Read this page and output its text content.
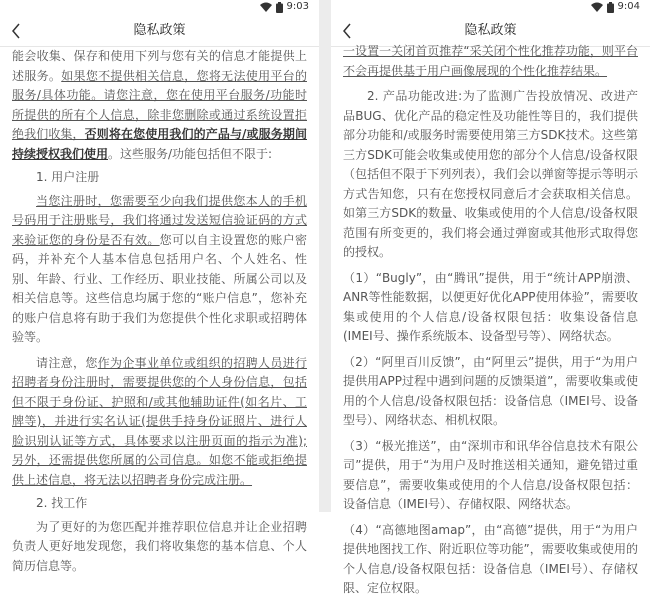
9:03
隐私政策

能会收集、保存和使用下列与您有关的信息才能提供上述服务。如果您不提供相关信息，您将无法使用平台的服务/具体功能。请您注意，您在使用平台服务/功能时所提供的所有个人信息，除非您删除或通过系统设置拒绝我们收集，否则将在您使用我们的产品与/或服务期间持续授权我们使用。这些服务/功能包括但不限于:

1. 用户注册

当您注册时，您需要至少向我们提供您本人的手机号码用于注册账号，我们将通过发送短信验证码的方式来验证您的身份是否有效。您可以自主设置您的账户密码，并补充个人基本信息包括用户名、个人姓名、性别、年龄、行业、工作经历、职业技能、所属公司以及相关信息等。这些信息均属于您的“账户信息”，您补充的账户信息将有助于我们为您提供个性化求职或招聘体验等。

请注意，您作为企事业单位或组织的招聘人员进行招聘者身份注册时，需要提供您的个人身份信息，包括但不限于身份证、护照和/或其他辅助证件(如名片、工牌等)，并进行实名认证(提供手持身份证照片、进行人脸识别认证等方式，具体要求以注册页面的指示为准);另外，还需提供您所属的公司信息。如您不能或拒绝提供上述信息，将无法以招聘者身份完成注册。

2. 找工作

为了更好的为您匹配并推荐职位信息并让企业招聘负责人更好地发现您，我们将收集您的基本信息、个人简历信息等。

9:04
隐私政策

一设置一关闭首页推荐“采关闭个性化推荐功能，则平台不会再提供基于用户画像展现的个性化推荐结果。

2. 产品功能改进:为了监测广告投放情况、改进产品BUG、优化产品的稳定性及功能性等目的，我们提供部分功能和/或服务时需要使用第三方SDK技术。这些第三方SDK可能会收集或使用您的部分个人信息/设备权限（包括但不限于下列列表），我们会以弹窗等提示等明示方式告知您，只有在您授权同意后才会获取相关信息。如第三方SDK的数量、收集或使用的个人信息/设备权限范围有所变更的，我们将会通过弹窗或其他形式取得您的授权。

（1）“Bugly”，由“腾讯”提供，用于“统计APP崩溃、ANR等性能数据，以便更好优化APP使用体验”，需要收集或使用的个人信息/设备权限包括：收集设备信息(IMEI号、操作系统版本、设备型号等）、网络状态。

（2）“阿里百川反馈”，由“阿里云”提供，用于“为用户提供用APP过程中遇到问题的反馈渠道”，需要收集或使用的个人信息/设备权限包括：设备信息（IMEI号、设备型号）、网络状态、相机权限。

（3）“极光推送”，由“深圳市和讯华谷信息技术有限公司”提供，用于“为用户及时推送相关通知，避免错过重要信息”，需要收集或使用的个人信息/设备权限包括：设备信息（IMEI号）、存储权限、网络状态。

（4）“高德地图amap”，由“高德”提供，用于“为用户提供地图找工作、附近职位等功能”，需要收集或使用的个人信息/设备权限包括：设备信息（IMEI号）、存储权限、定位权限。
